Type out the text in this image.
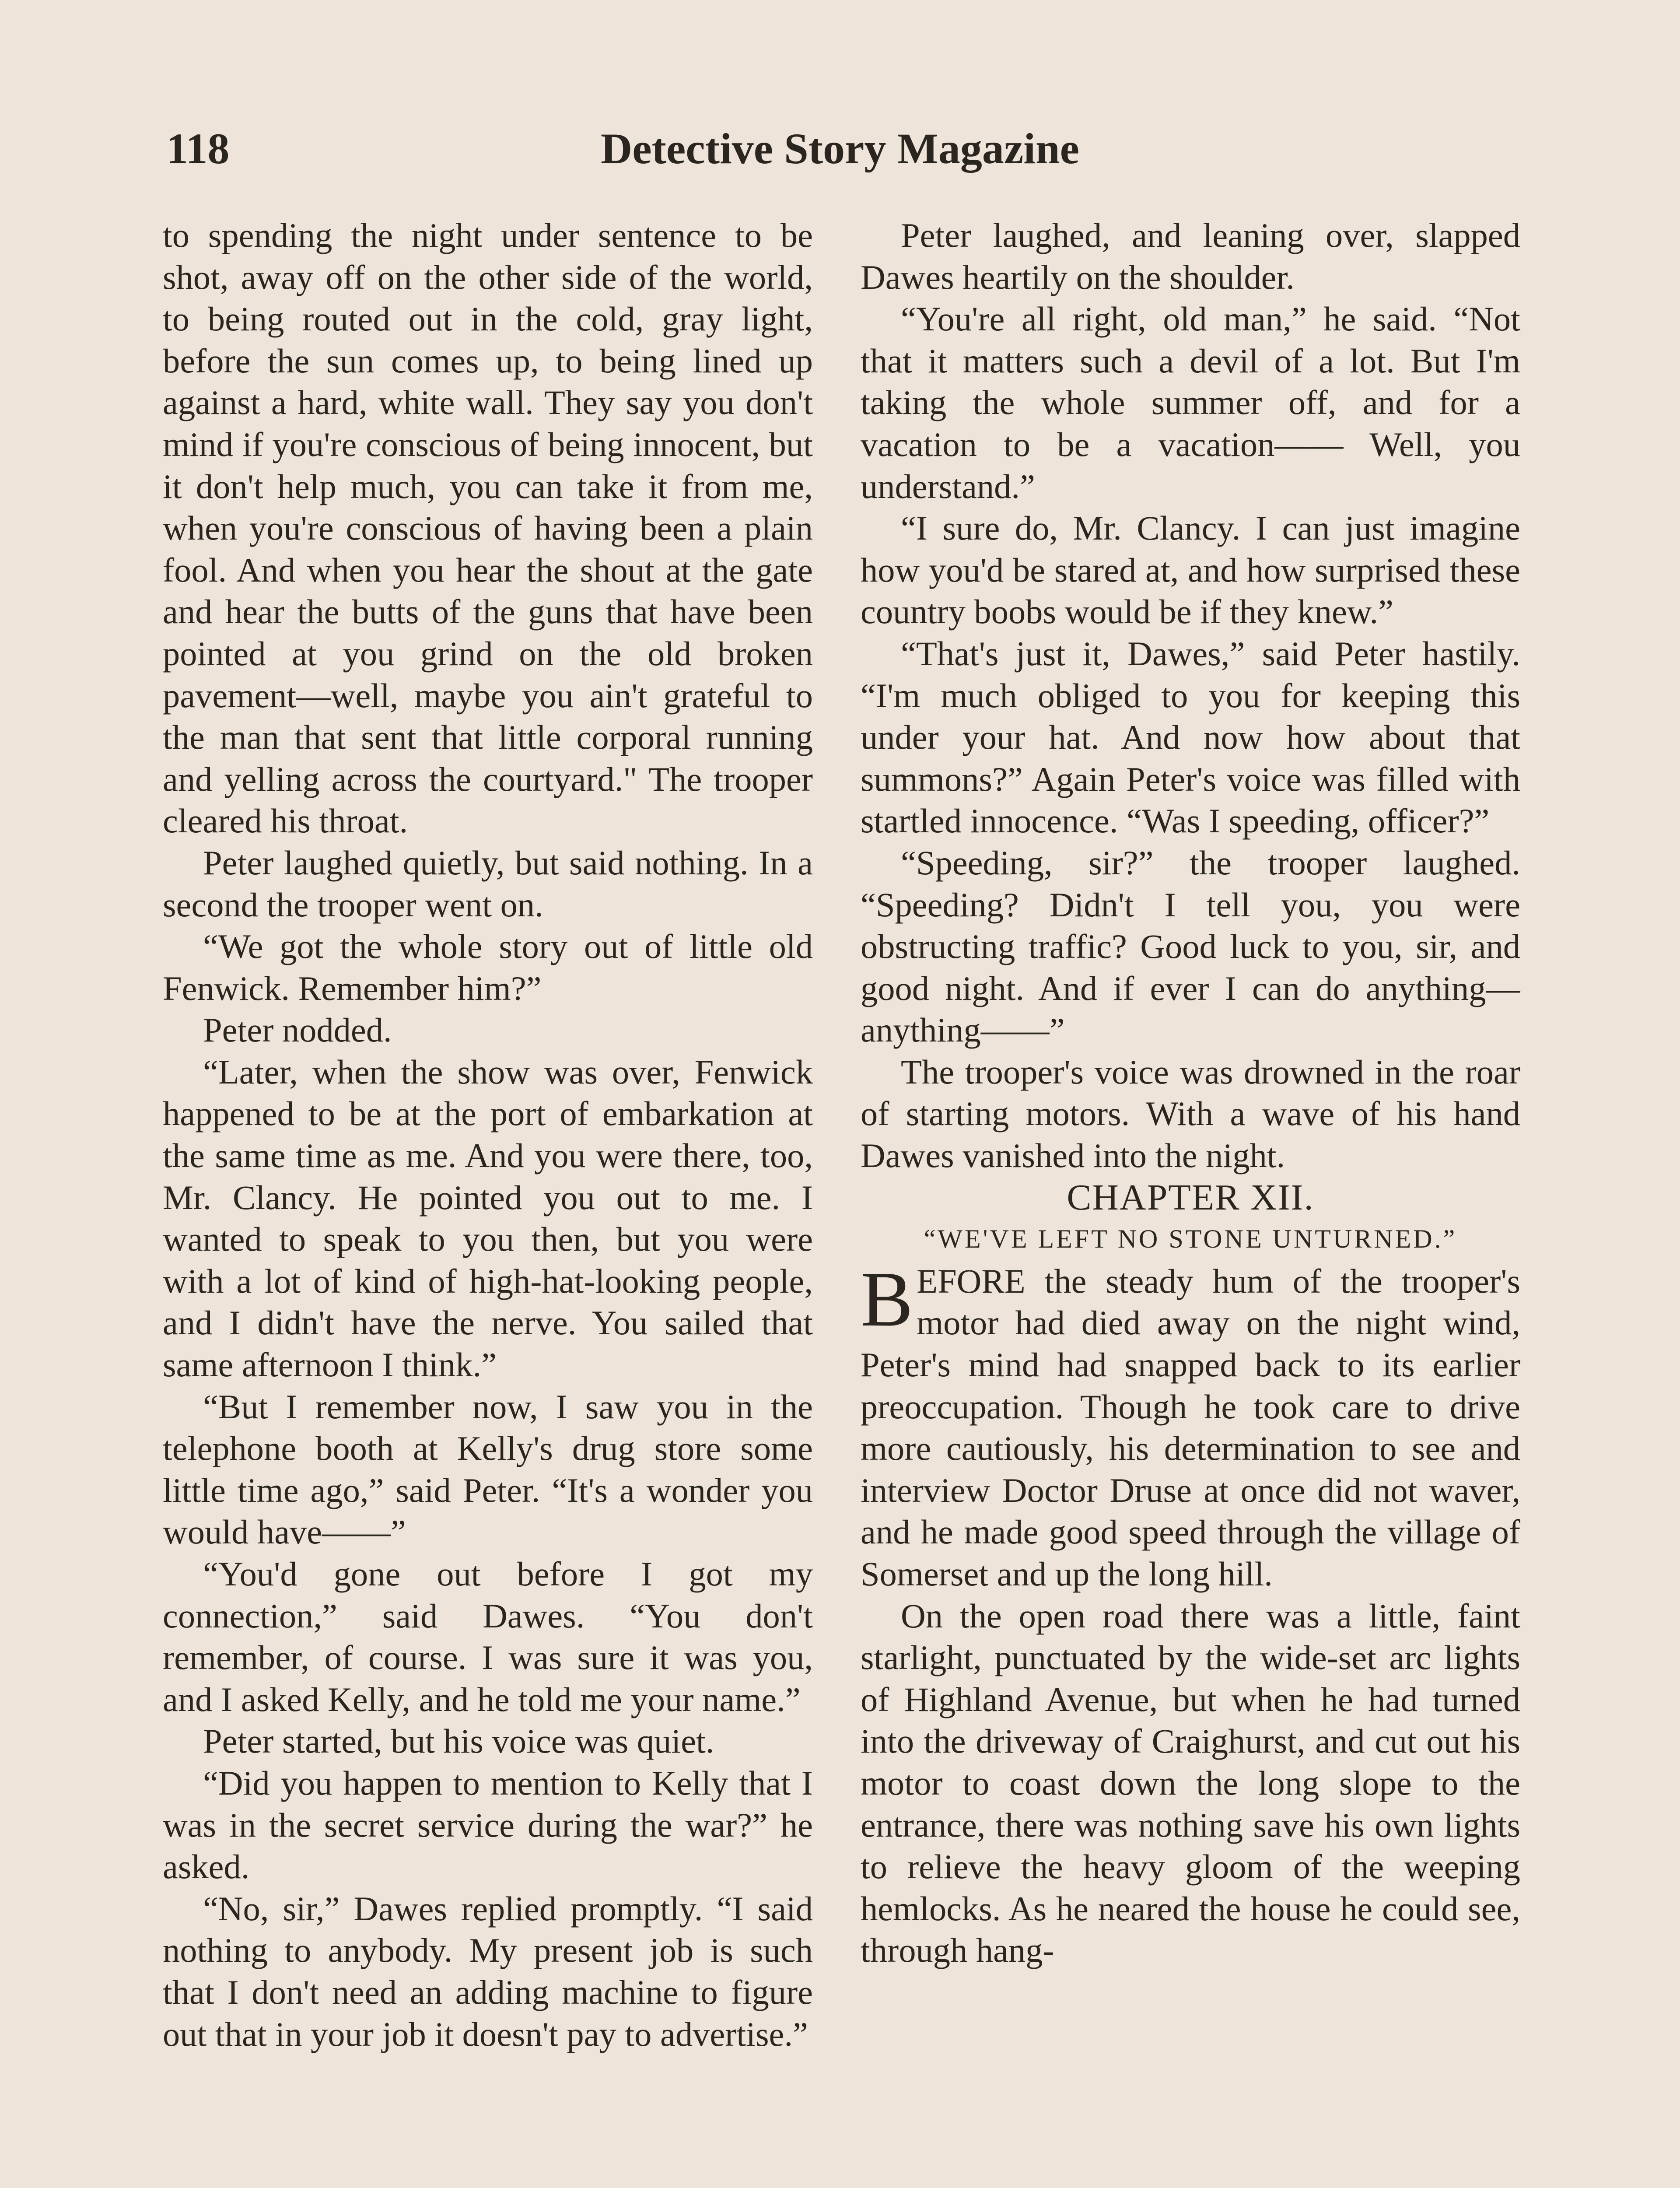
118	Detective Story Magazine

to spending the night under sentence to be shot, away off on the other side of the world, to being routed out in the cold, gray light, before the sun comes up, to being lined up against a hard, white wall. They say you don't mind if you're conscious of being innocent, but it don't help much, you can take it from me, when you're conscious of having been a plain fool. And when you hear the shout at the gate and hear the butts of the guns that have been pointed at you grind on the old broken pavement—well, maybe you ain't grateful to the man that sent that little corporal running and yelling across the courtyard." The trooper cleared his throat.

Peter laughed quietly, but said nothing. In a second the trooper went on.

“We got the whole story out of little old Fenwick. Remember him?”

Peter nodded.

“Later, when the show was over, Fenwick happened to be at the port of embarkation at the same time as me. And you were there, too, Mr. Clancy. He pointed you out to me. I wanted to speak to you then, but you were with a lot of kind of high-hat-looking people, and I didn't have the nerve. You sailed that same afternoon I think.”

“But I remember now, I saw you in the telephone booth at Kelly's drug store some little time ago,” said Peter. “It's a wonder you would have——”

“You'd gone out before I got my connection,” said Dawes. “You don't remember, of course. I was sure it was you, and I asked Kelly, and he told me your name.”

Peter started, but his voice was quiet.

“Did you happen to mention to Kelly that I was in the secret service during the war?” he asked.

“No, sir,” Dawes replied promptly. “I said nothing to anybody. My present job is such that I don't need an adding machine to figure out that in your job it doesn't pay to advertise.”

Peter laughed, and leaning over, slapped Dawes heartily on the shoulder.

“You're all right, old man,” he said. “Not that it matters such a devil of a lot. But I'm taking the whole summer off, and for a vacation to be a vacation—— Well, you understand.”

“I sure do, Mr. Clancy. I can just imagine how you'd be stared at, and how surprised these country boobs would be if they knew.”

“That's just it, Dawes,” said Peter hastily. “I'm much obliged to you for keeping this under your hat. And now how about that summons?” Again Peter's voice was filled with startled innocence. “Was I speeding, officer?”

“Speeding, sir?” the trooper laughed. “Speeding? Didn't I tell you, you were obstructing traffic? Good luck to you, sir, and good night. And if ever I can do anything—anything——”

The trooper's voice was drowned in the roar of starting motors. With a wave of his hand Dawes vanished into the night.

CHAPTER XII.
“WE'VE LEFT NO STONE UNTURNED.”

BEFORE the steady hum of the trooper's motor had died away on the night wind, Peter's mind had snapped back to its earlier preoccupation. Though he took care to drive more cautiously, his determination to see and interview Doctor Druse at once did not waver, and he made good speed through the village of Somerset and up the long hill.

On the open road there was a little, faint starlight, punctuated by the wide-set arc lights of Highland Avenue, but when he had turned into the driveway of Craighurst, and cut out his motor to coast down the long slope to the entrance, there was nothing save his own lights to relieve the heavy gloom of the weeping hemlocks. As he neared the house he could see, through hang-
